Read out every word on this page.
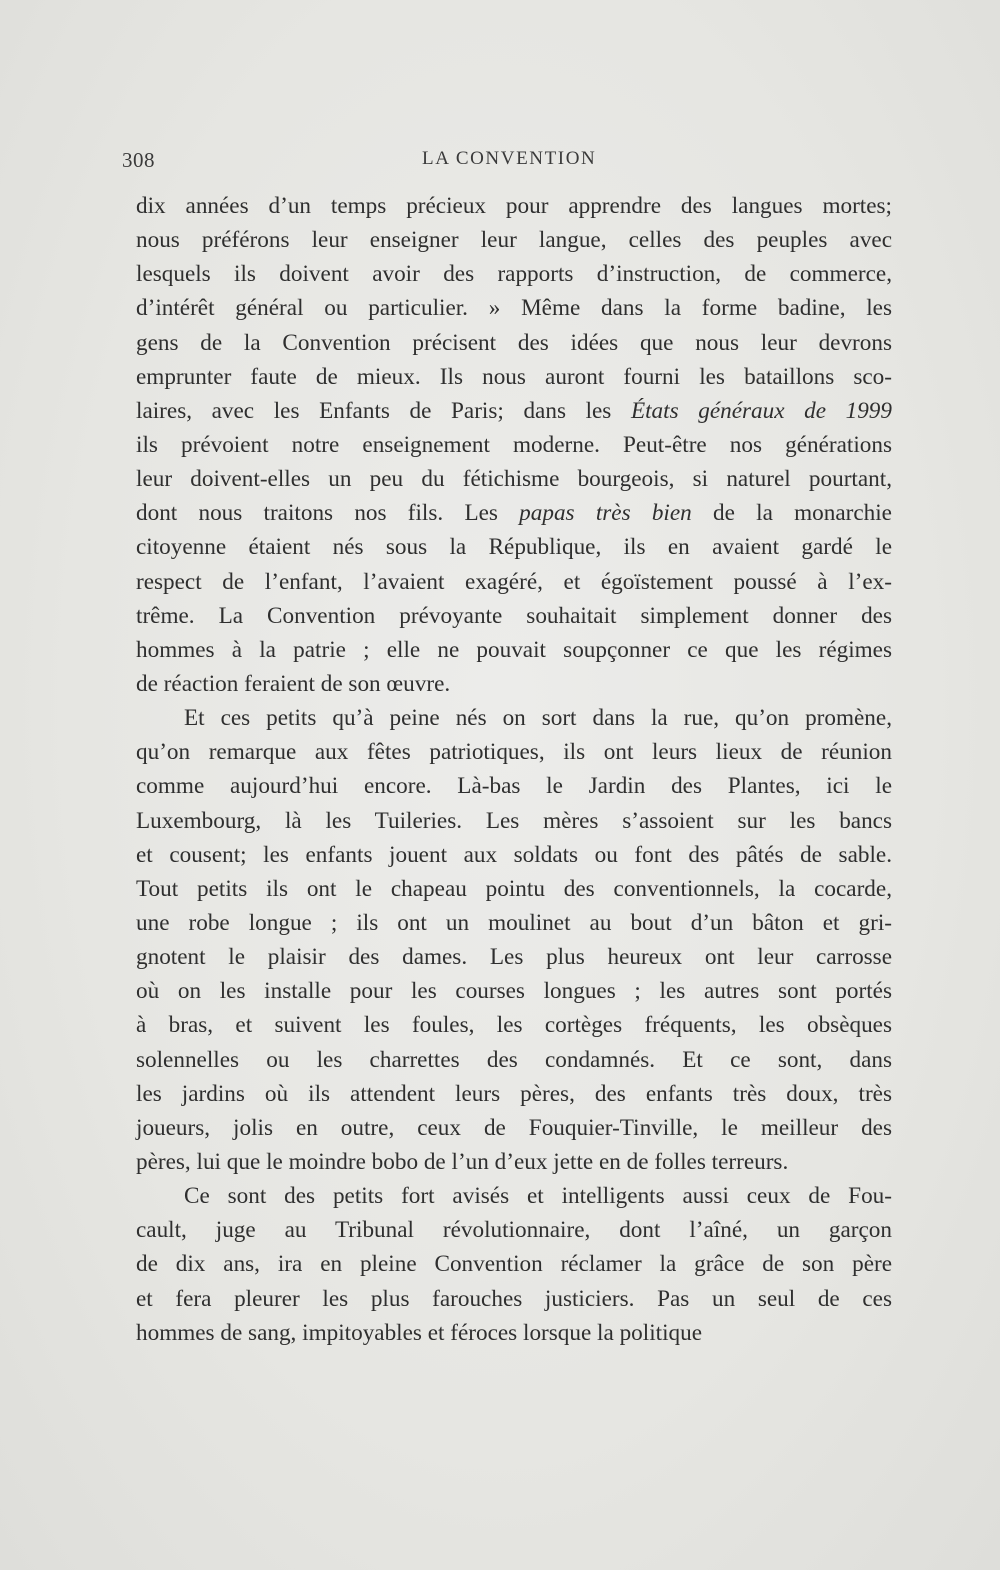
308	LA CONVENTION
dix années d’un temps précieux pour apprendre des langues mortes;
nous préférons leur enseigner leur langue, celles des peuples avec
lesquels ils doivent avoir des rapports d’instruction, de commerce,
d’intérêt général ou particulier. » Même dans la forme badine, les
gens de la Convention précisent des idées que nous leur devrons
emprunter faute de mieux. Ils nous auront fourni les bataillons sco-
laires, avec les Enfants de Paris; dans les États généraux de 1999
ils prévoient notre enseignement moderne. Peut-être nos générations
leur doivent-elles un peu du fétichisme bourgeois, si naturel pourtant,
dont nous traitons nos fils. Les papas très bien de la monarchie
citoyenne étaient nés sous la République, ils en avaient gardé le
respect de l’enfant, l’avaient exagéré, et égoïstement poussé à l’ex-
trême. La Convention prévoyante souhaitait simplement donner des
hommes à la patrie ; elle ne pouvait soupçonner ce que les régimes
de réaction feraient de son œuvre.
Et ces petits qu’à peine nés on sort dans la rue, qu’on promène,
qu’on remarque aux fêtes patriotiques, ils ont leurs lieux de réunion
comme aujourd’hui encore. Là-bas le Jardin des Plantes, ici le
Luxembourg, là les Tuileries. Les mères s’assoient sur les bancs
et cousent; les enfants jouent aux soldats ou font des pâtés de sable.
Tout petits ils ont le chapeau pointu des conventionnels, la cocarde,
une robe longue ; ils ont un moulinet au bout d’un bâton et gri-
gnotent le plaisir des dames. Les plus heureux ont leur carrosse
où on les installe pour les courses longues ; les autres sont portés
à bras, et suivent les foules, les cortèges fréquents, les obsèques
solennelles ou les charrettes des condamnés. Et ce sont, dans
les jardins où ils attendent leurs pères, des enfants très doux, très
joueurs, jolis en outre, ceux de Fouquier-Tinville, le meilleur des
pères, lui que le moindre bobo de l’un d’eux jette en de folles terreurs.
Ce sont des petits fort avisés et intelligents aussi ceux de Fou-
cault, juge au Tribunal révolutionnaire, dont l’aîné, un garçon
de dix ans, ira en pleine Convention réclamer la grâce de son père
et fera pleurer les plus farouches justiciers. Pas un seul de ces
hommes de sang, impitoyables et féroces lorsque la politique
